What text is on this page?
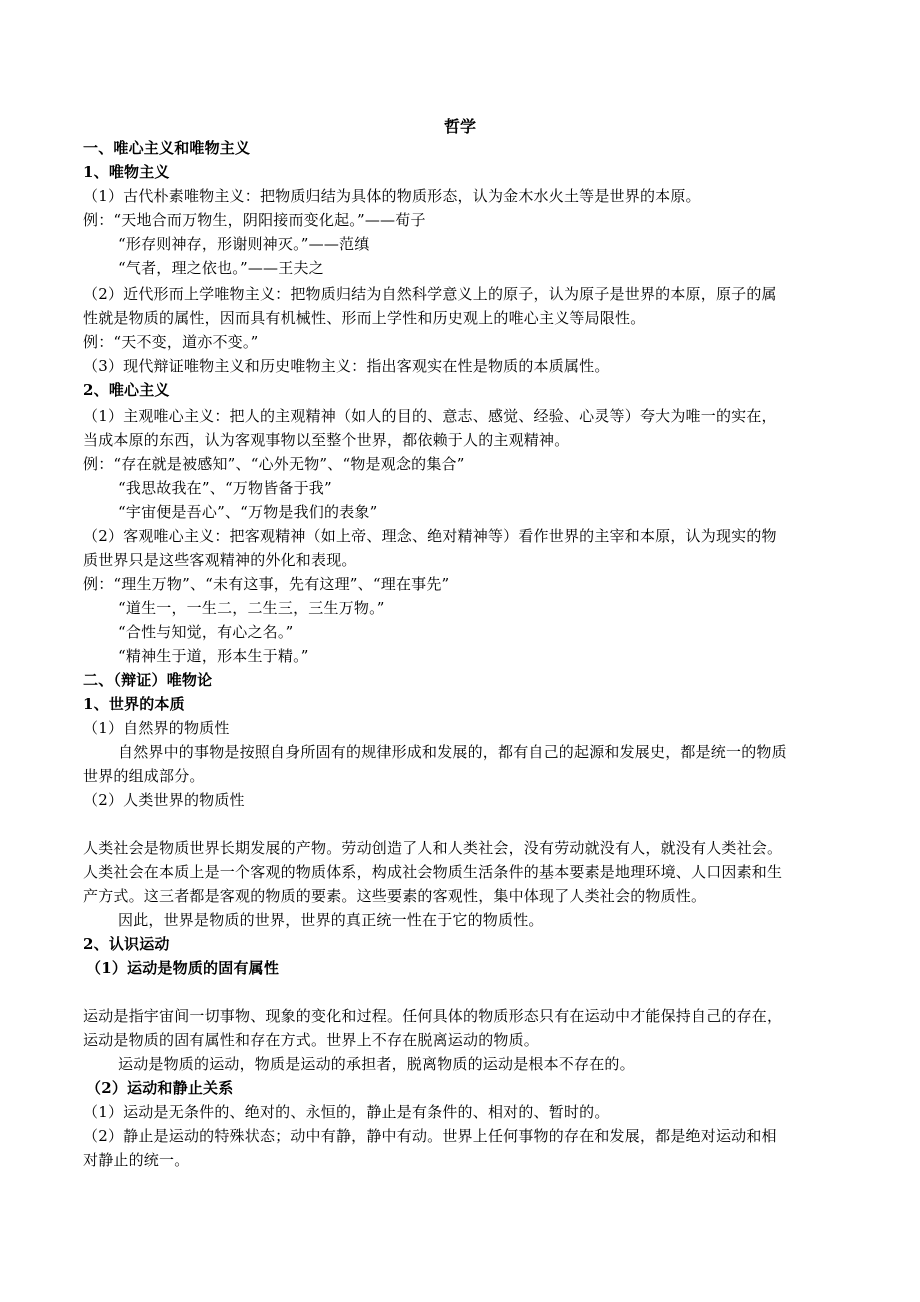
哲学
一、唯心主义和唯物主义
1、唯物主义
（1）古代朴素唯物主义：把物质归结为具体的物质形态，认为金木水火土等是世界的本原。
例：“天地合而万物生，阴阳接而变化起。”——荀子
“形存则神存，形谢则神灭。”——范缜
“气者，理之依也。”——王夫之
（2）近代形而上学唯物主义：把物质归结为自然科学意义上的原子，认为原子是世界的本原，原子的属
性就是物质的属性，因而具有机械性、形而上学性和历史观上的唯心主义等局限性。
例：“天不变，道亦不变。”
（3）现代辩证唯物主义和历史唯物主义：指出客观实在性是物质的本质属性。
2、唯心主义
（1）主观唯心主义：把人的主观精神（如人的目的、意志、感觉、经验、心灵等）夸大为唯一的实在，
当成本原的东西，认为客观事物以至整个世界，都依赖于人的主观精神。
例：“存在就是被感知”、“心外无物”、“物是观念的集合”
“我思故我在”、“万物皆备于我”
“宇宙便是吾心”、“万物是我们的表象”
（2）客观唯心主义：把客观精神（如上帝、理念、绝对精神等）看作世界的主宰和本原，认为现实的物
质世界只是这些客观精神的外化和表现。
例：“理生万物”、“未有这事，先有这理”、“理在事先”
“道生一，一生二，二生三，三生万物。”
“合性与知觉，有心之名。”
“精神生于道，形本生于精。”
二、（辩证）唯物论
1、世界的本质
（1）自然界的物质性
自然界中的事物是按照自身所固有的规律形成和发展的，都有自己的起源和发展史，都是统一的物质
世界的组成部分。
（2）人类世界的物质性
人类社会是物质世界长期发展的产物。劳动创造了人和人类社会，没有劳动就没有人，就没有人类社会。
人类社会在本质上是一个客观的物质体系，构成社会物质生活条件的基本要素是地理环境、人口因素和生
产方式。这三者都是客观的物质的要素。这些要素的客观性，集中体现了人类社会的物质性。
因此，世界是物质的世界，世界的真正统一性在于它的物质性。
2、认识运动
（1）运动是物质的固有属性
运动是指宇宙间一切事物、现象的变化和过程。任何具体的物质形态只有在运动中才能保持自己的存在，
运动是物质的固有属性和存在方式。世界上不存在脱离运动的物质。
运动是物质的运动，物质是运动的承担者，脱离物质的运动是根本不存在的。
（2）运动和静止关系
（1）运动是无条件的、绝对的、永恒的，静止是有条件的、相对的、暂时的。
（2）静止是运动的特殊状态；动中有静，静中有动。世界上任何事物的存在和发展，都是绝对运动和相
对静止的统一。
